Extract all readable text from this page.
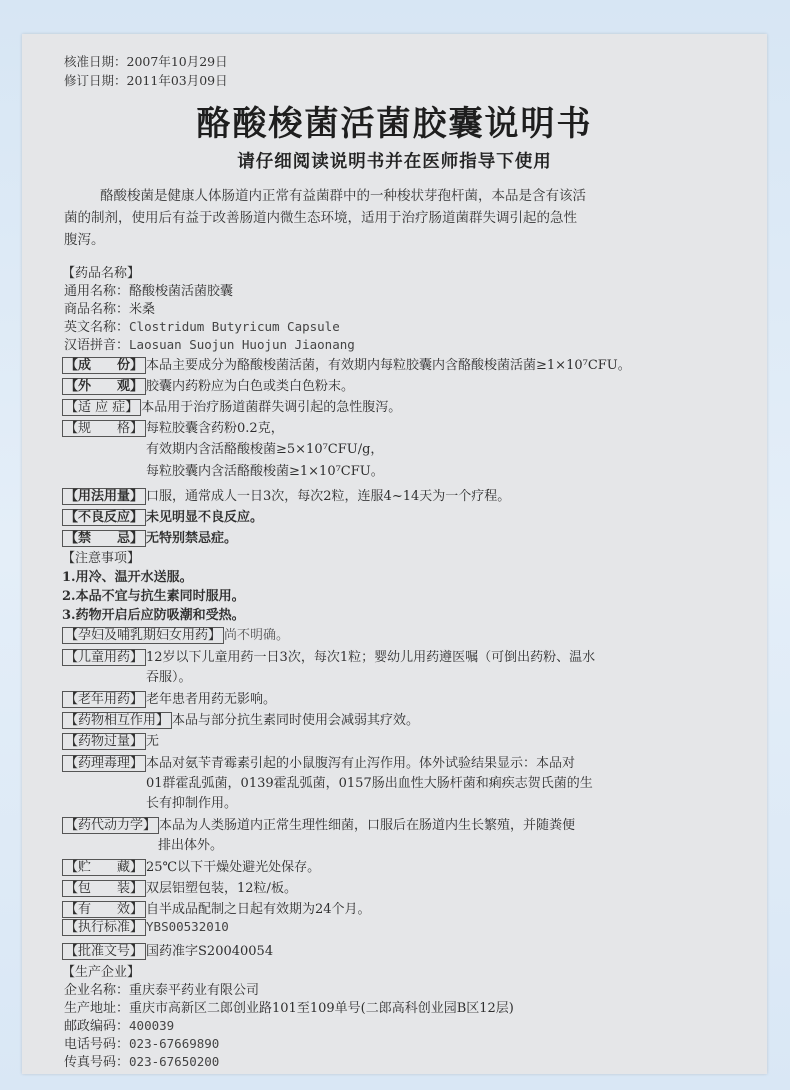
核准日期：2007年10月29日
修订日期：2011年03月09日
酪酸梭菌活菌胶囊说明书
请仔细阅读说明书并在医师指导下使用
酪酸梭菌是健康人体肠道内正常有益菌群中的一种梭状芽孢杆菌，本品是含有该活
菌的制剂，使用后有益于改善肠道内微生态环境，适用于治疗肠道菌群失调引起的急性
腹泻。
【药品名称】
通用名称：酪酸梭菌活菌胶囊
商品名称：米桑
英文名称：Clostridum Butyricum Capsule
汉语拼音：Laosuan Suojun Huojun Jiaonang
【成　　份】 本品主要成分为酪酸梭菌活菌，有效期内每粒胶囊内含酪酸梭菌活菌≥1×10⁷CFU。
【外　　观】 胶囊内药粉应为白色或类白色粉末。
【适 应 症】 本品用于治疗肠道菌群失调引起的急性腹泻。
【规　　格】 每粒胶囊含药粉0.2克，
有效期内含活酪酸梭菌≥5×10⁷CFU/g，
每粒胶囊内含活酪酸梭菌≥1×10⁷CFU。
【用法用量】 口服，通常成人一日3次，每次2粒，连服4~14天为一个疗程。
【不良反应】 未见明显不良反应。
【禁　　忌】 无特别禁忌症。
【注意事项】
1.用冷、温开水送服。
2.本品不宜与抗生素同时服用。
3.药物开启后应防吸潮和受热。
【孕妇及哺乳期妇女用药】 尚不明确。
【儿童用药】 12岁以下儿童用药一日3次，每次1粒；婴幼儿用药遵医嘱（可倒出药粉、温水
吞服）。
【老年用药】 老年患者用药无影响。
【药物相互作用】 本品与部分抗生素同时使用会减弱其疗效。
【药物过量】 无
【药理毒理】 本品对氨苄青霉素引起的小鼠腹泻有止泻作用。体外试验结果显示：本品对
01群霍乱弧菌，0139霍乱弧菌，0157肠出血性大肠杆菌和痢疾志贺氏菌的生
长有抑制作用。
【药代动力学】 本品为人类肠道内正常生理性细菌，口服后在肠道内生长繁殖，并随粪便
排出体外。
【贮　　藏】 25℃以下干燥处避光处保存。
【包　　装】 双层铝塑包装，12粒/板。
【有　　效】 自半成品配制之日起有效期为24个月。
【执行标准】 YBS00532010
【批准文号】 国药准字S20040054
【生产企业】
企业名称：重庆泰平药业有限公司
生产地址：重庆市高新区二郎创业路101至109单号(二郎高科创业园B区12层)
邮政编码：400039
电话号码：023-67669890
传真号码：023-67650200
